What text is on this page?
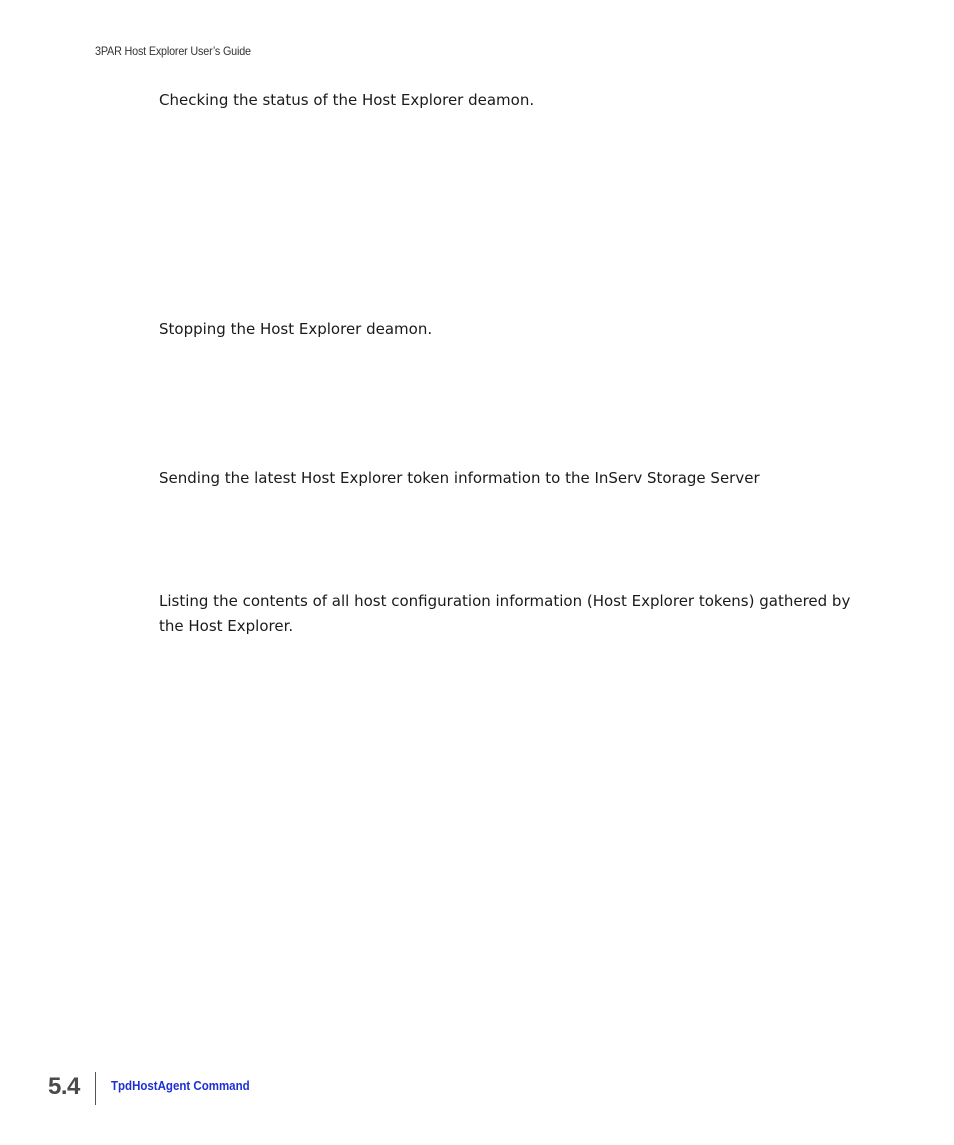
3PAR Host Explorer User’s Guide

Checking the status of the Host Explorer deamon.

Stopping the Host Explorer deamon.

Sending the latest Host Explorer token information to the InServ Storage Server

Listing the contents of all host configuration information (Host Explorer tokens) gathered by the Host Explorer.

5.4 TpdHostAgent Command
